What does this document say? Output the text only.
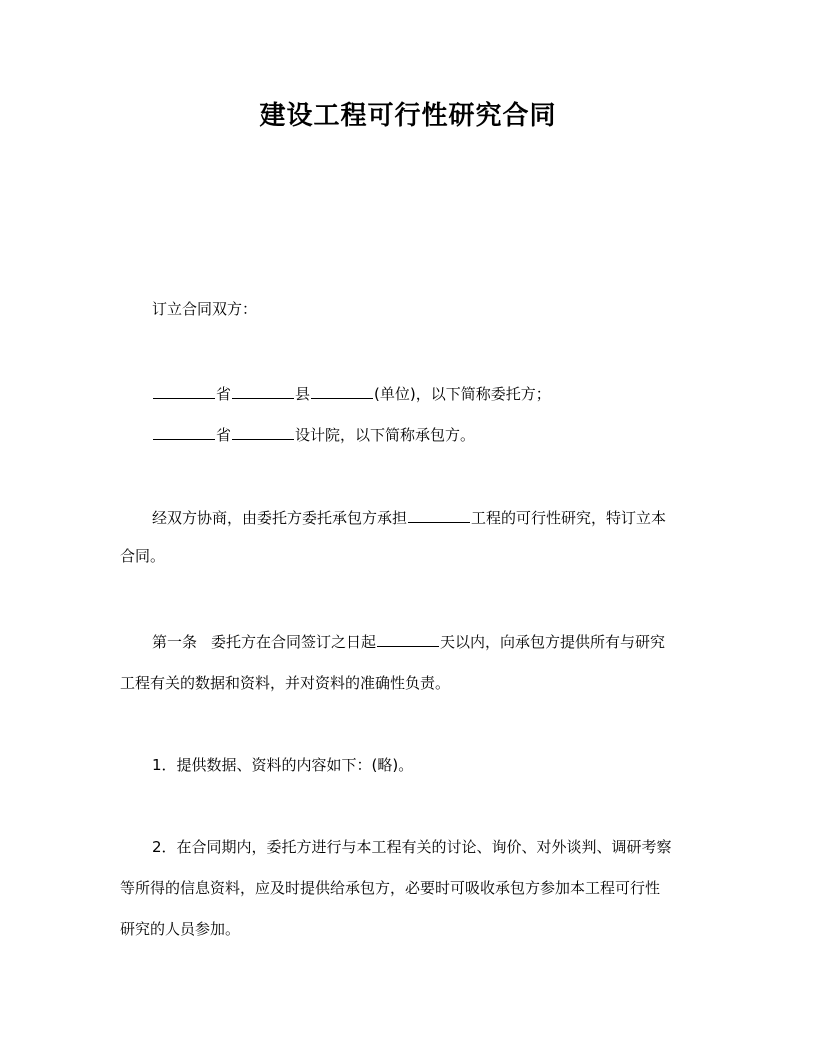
建设工程可行性研究合同
订立合同双方：
省	县	(单位)，以下简称委托方；
省	设计院，以下简称承包方。
经双方协商，由委托方委托承包方承担	工程的可行性研究，特订立本
合同。
第一条 委托方在合同签订之日起	天以内，向承包方提供所有与研究
工程有关的数据和资料，并对资料的准确性负责。
1．提供数据、资料的内容如下：(略)。
2．在合同期内，委托方进行与本工程有关的讨论、询价、对外谈判、调研考察
等所得的信息资料，应及时提供给承包方，必要时可吸收承包方参加本工程可行性
研究的人员参加。
